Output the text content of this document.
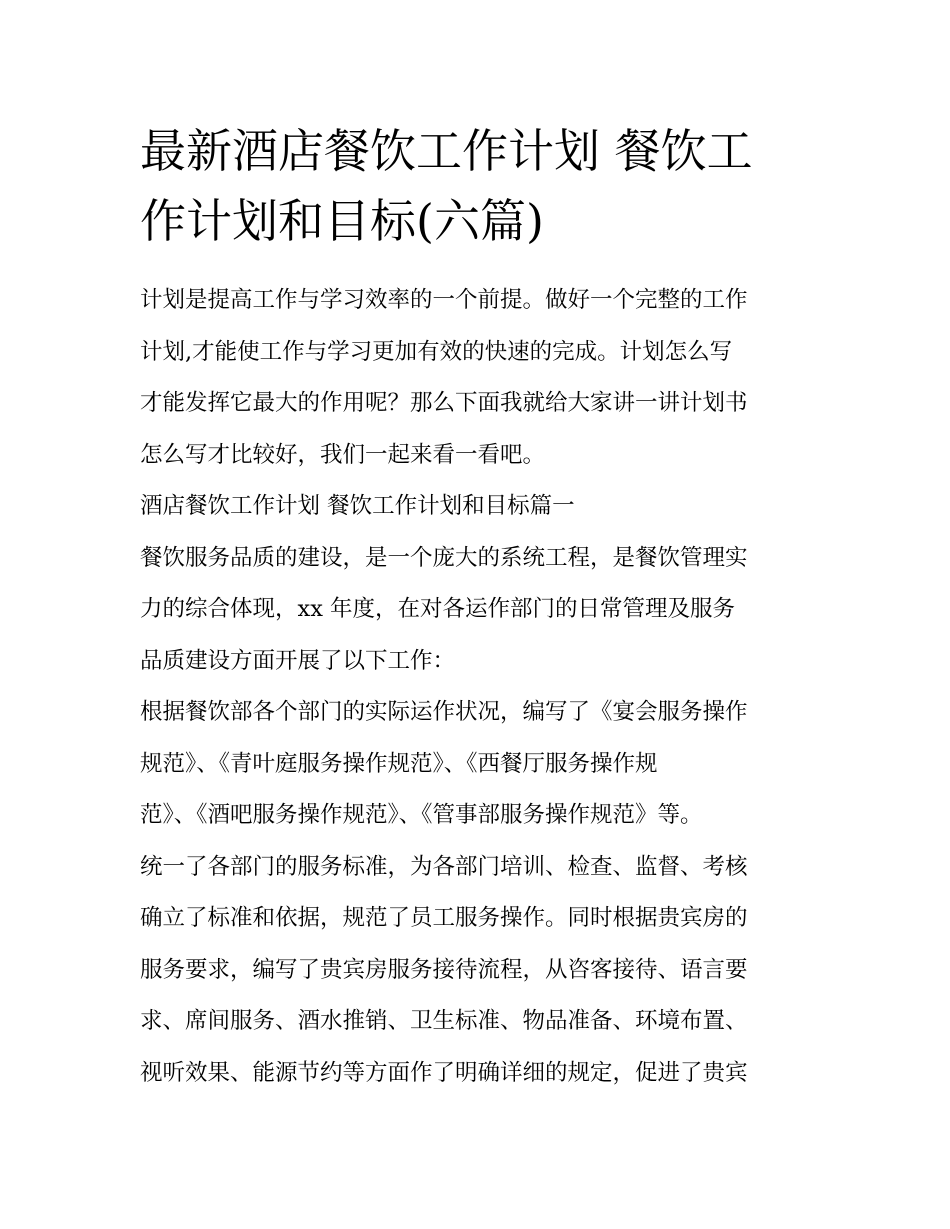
最新酒店餐饮工作计划 餐饮工
作计划和目标(六篇)
计划是提高工作与学习效率的一个前提。做好一个完整的工作
计划,才能使工作与学习更加有效的快速的完成。计划怎么写
才能发挥它最大的作用呢？那么下面我就给大家讲一讲计划书
怎么写才比较好，我们一起来看一看吧。
酒店餐饮工作计划 餐饮工作计划和目标篇一
餐饮服务品质的建设，是一个庞大的系统工程，是餐饮管理实
力的综合体现，xx 年度，在对各运作部门的日常管理及服务
品质建设方面开展了以下工作：
根据餐饮部各个部门的实际运作状况，编写了《宴会服务操作
规范》、《青叶庭服务操作规范》、《西餐厅服务操作规
范》、《酒吧服务操作规范》、《管事部服务操作规范》等。
统一了各部门的服务标准，为各部门培训、检查、监督、考核
确立了标准和依据，规范了员工服务操作。同时根据贵宾房的
服务要求，编写了贵宾房服务接待流程，从咨客接待、语言要
求、席间服务、酒水推销、卫生标准、物品准备、环境布置、
视听效果、能源节约等方面作了明确详细的规定，促进了贵宾
